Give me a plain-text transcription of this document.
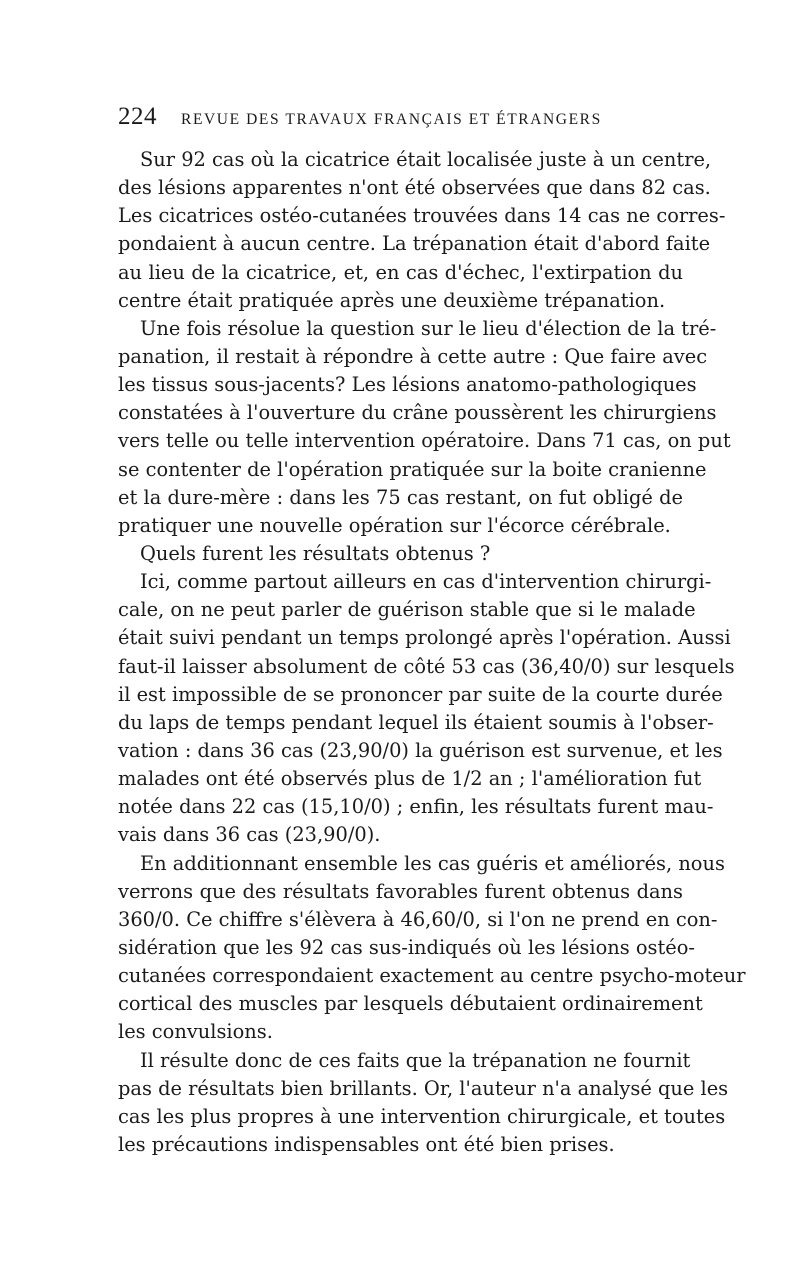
224 REVUE DES TRAVAUX FRANÇAIS ET ÉTRANGERS
Sur 92 cas où la cicatrice était localisée juste à un centre,
des lésions apparentes n'ont été observées que dans 82 cas.
Les cicatrices ostéo-cutanées trouvées dans 14 cas ne corres-
pondaient à aucun centre. La trépanation était d'abord faite
au lieu de la cicatrice, et, en cas d'échec, l'extirpation du
centre était pratiquée après une deuxième trépanation.
Une fois résolue la question sur le lieu d'élection de la tré-
panation, il restait à répondre à cette autre : Que faire avec
les tissus sous-jacents? Les lésions anatomo-pathologiques
constatées à l'ouverture du crâne poussèrent les chirurgiens
vers telle ou telle intervention opératoire. Dans 71 cas, on put
se contenter de l'opération pratiquée sur la boite cranienne
et la dure-mère : dans les 75 cas restant, on fut obligé de
pratiquer une nouvelle opération sur l'écorce cérébrale.
Quels furent les résultats obtenus ?
Ici, comme partout ailleurs en cas d'intervention chirurgi-
cale, on ne peut parler de guérison stable que si le malade
était suivi pendant un temps prolongé après l'opération. Aussi
faut-il laisser absolument de côté 53 cas (36,40/0) sur lesquels
il est impossible de se prononcer par suite de la courte durée
du laps de temps pendant lequel ils étaient soumis à l'obser-
vation : dans 36 cas (23,90/0) la guérison est survenue, et les
malades ont été observés plus de 1/2 an ; l'amélioration fut
notée dans 22 cas (15,10/0) ; enfin, les résultats furent mau-
vais dans 36 cas (23,90/0).
En additionnant ensemble les cas guéris et améliorés, nous
verrons que des résultats favorables furent obtenus dans
360/0. Ce chiffre s'élèvera à 46,60/0, si l'on ne prend en con-
sidération que les 92 cas sus-indiqués où les lésions ostéo-
cutanées correspondaient exactement au centre psycho-moteur
cortical des muscles par lesquels débutaient ordinairement
les convulsions.
Il résulte donc de ces faits que la trépanation ne fournit
pas de résultats bien brillants. Or, l'auteur n'a analysé que les
cas les plus propres à une intervention chirurgicale, et toutes
les précautions indispensables ont été bien prises.
